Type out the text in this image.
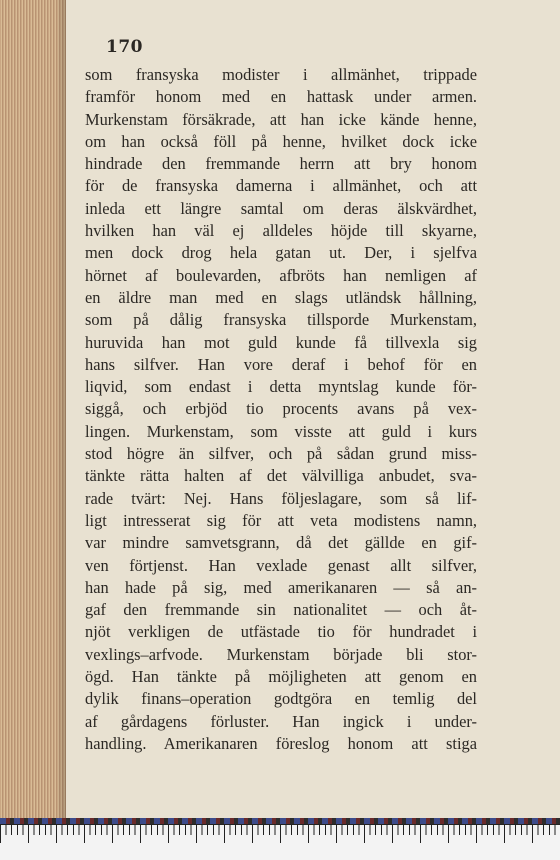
170
som fransyska modister i allmänhet, trippade
framför honom med en hattask under armen.
Murkenstam försäkrade, att han icke kände henne,
om han också föll på henne, hvilket dock icke
hindrade den fremmande herrn att bry honom
för de fransyska damerna i allmänhet, och att
inleda ett längre samtal om deras älskvärdhet,
hvilken han väl ej alldeles höjde till skyarne,
men dock drog hela gatan ut. Der, i sjelfva
hörnet af boulevarden, afbröts han nemligen af
en äldre man med en slags utländsk hållning,
som på dålig fransyska tillsporde Murkenstam,
huruvida han mot guld kunde få tillvexla sig
hans silfver. Han vore deraf i behof för en
liqvid, som endast i detta myntslag kunde för-
siggå, och erbjöd tio procents avans på vex-
lingen. Murkenstam, som visste att guld i kurs
stod högre än silfver, och på sådan grund miss-
tänkte rätta halten af det välvilliga anbudet, sva-
rade tvärt: Nej. Hans följeslagare, som så lif-
ligt intresserat sig för att veta modistens namn,
var mindre samvetsgrann, då det gällde en gif-
ven förtjenst. Han vexlade genast allt silfver,
han hade på sig, med amerikanaren — så an-
gaf den fremmande sin nationalitet — och åt-
njöt verkligen de utfästade tio för hundradet i
vexlings–arfvode. Murkenstam började bli stor-
ögd. Han tänkte på möjligheten att genom en
dylik finans–operation godtgöra en temlig del
af gårdagens förluster. Han ingick i under-
handling. Amerikanaren föreslog honom att stiga
